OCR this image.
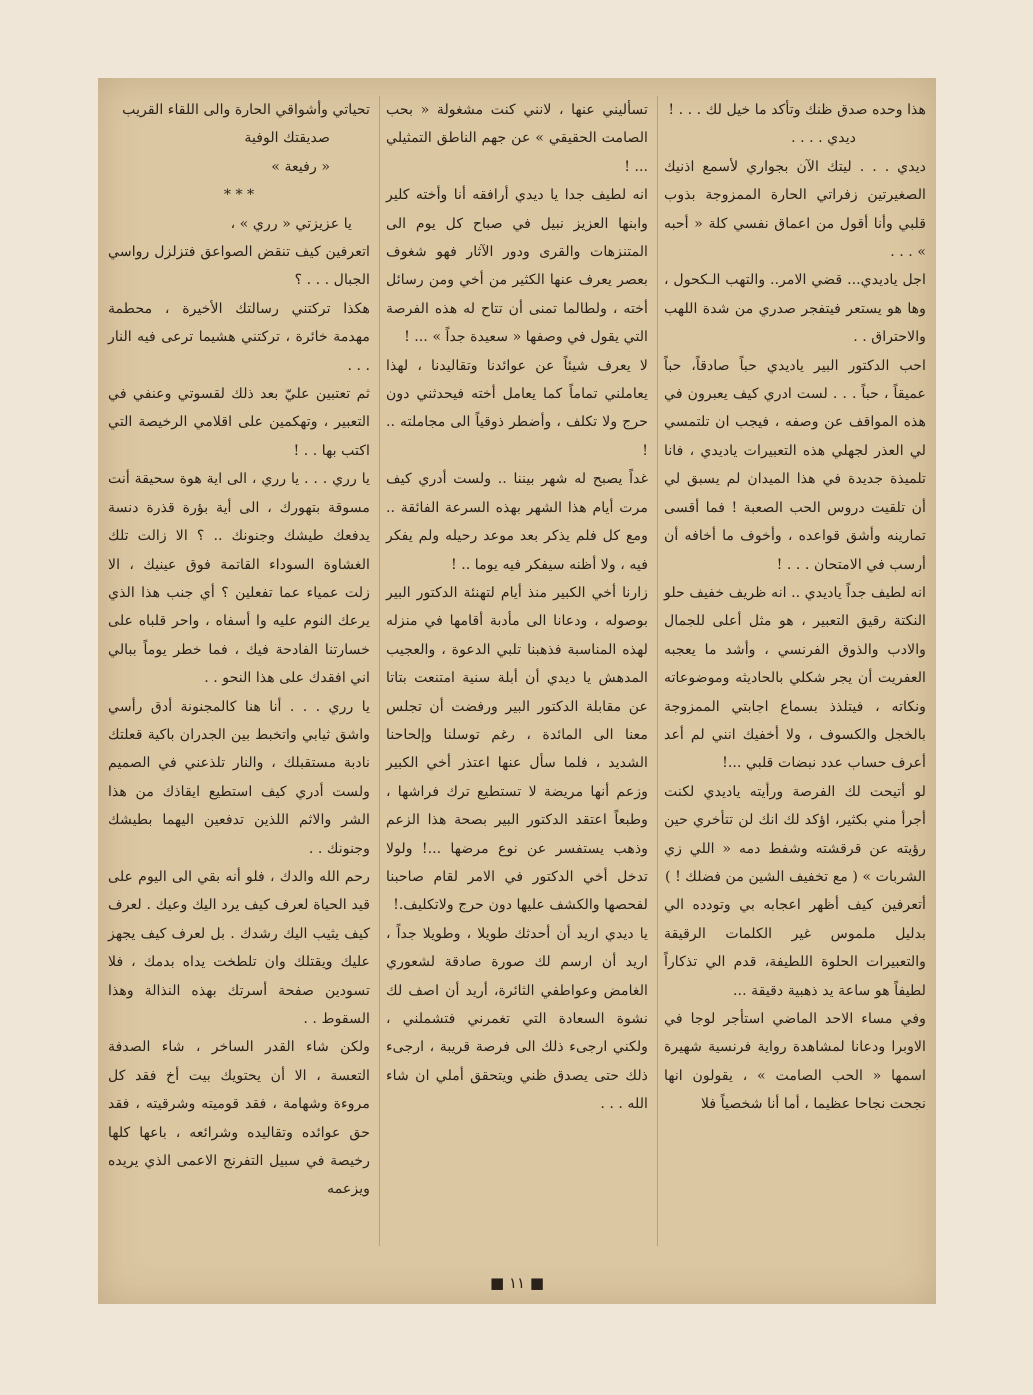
هذا وحده صدق ظنك وتأكد ما خيل لك . . . !

ديدي . . . .

ديدي . . . ليتك الآن بجواري لأسمع اذنيك الصغيرتين زفراتي الحارة الممزوجة بذوب قلبي وأنا أقول من اعماق نفسي كلة « أحبه » . . .

اجل ياديدي... قضي الامر.. والتهب الـكحول ، وها هو يستعر فيتفجر صدري من شدة اللهب والاحتراق . .

احب الدكتور البير ياديدي حباً صادقاً، حباً عميقاً ، حباً . . . لست ادري كيف يعبرون في هذه المواقف عن وصفه ، فيجب ان تلتمسي لي العذر لجهلي هذه التعبيرات ياديدي ، فانا تلميذة جديدة في هذا الميدان لم يسبق لي أن تلقيت دروس الحب الصعبة ! فما أقسى تمارينه وأشق قواعده ، وأخوف ما أخافه أن أرسب في الامتحان . . . !

انه لطيف جداً ياديدي .. انه ظريف خفيف حلو النكتة رقيق التعبير ، هو مثل أعلى للجمال والادب والذوق الفرنسي ، وأشد ما يعجبه العفريت أن يجر شكلي بالحاديثه وموضوعاته ونكاته ، فيتلذذ بسماع اجابتي الممزوجة بالخجل والكسوف ، ولا أخفيك انني لم أعد أعرف حساب عدد نبضات قلبي ...!

لو أتيحت لك الفرصة ورأيته ياديدي لكنت أجرأ مني بكثير، اؤكد لك انك لن تتأخري حين رؤيته عن قرقشته وشفط دمه « اللي زي الشربات » ( مع تخفيف الشين من فضلك ! )

أتعرفين كيف أظهر اعجابه بي وتودده الي بدليل ملموس غير الكلمات الرقيقة والتعبيرات الحلوة اللطيفة، قدم الي تذكاراً لطيفاً هو ساعة يد ذهبية دقيقة ...

وفي مساء الاحد الماضي استأجر لوجا في الاوبرا ودعانا لمشاهدة رواية فرنسية شهيرة اسمها « الحب الصامت » ، يقولون انها نجحت نجاحا عظيما ، أما أنا شخصياً فلا

تسأليني عنها ، لانني كنت مشغولة « بحب الصامت الحقيقي » عن جهم الناطق التمثيلي ... !

انه لطيف جدا يا ديدي أرافقه أنا وأخته كلير وابنها العزيز نبيل في صباح كل يوم الى المتنزهات والقرى ودور الآثار فهو شغوف بعصر يعرف عنها الكثير من أخي ومن رسائل أخته ، ولطالما تمنى أن تتاح له هذه الفرصة التي يقول في وصفها « سعيدة جداً » ... !

لا يعرف شيئاً عن عوائدنا وتقاليدنا ، لهذا يعاملني تماماً كما يعامل أخته فيحدثني دون حرج ولا تكلف ، وأضطر ذوقياً الى مجاملته .. !

غداً يصبح له شهر بيننا .. ولست أدري كيف مرت أيام هذا الشهر بهذه السرعة الفائقة .. ومع كل فلم يذكر بعد موعد رحيله ولم يفكر فيه ، ولا أظنه سيفكر فيه يوما .. !

زارنا أخي الكبير منذ أيام لتهنئة الدكتور البير بوصوله ، ودعانا الى مأدبة أقامها في منزله لهذه المناسبة فذهبنا تلبي الدعوة ، والعجيب المدهش يا ديدي أن أبلة سنية امتنعت بتاتا عن مقابلة الدكتور البير ورفضت أن تجلس معنا الى المائدة ، رغم توسلنا وإلحاحنا الشديد ، فلما سأل عنها اعتذر أخي الكبير وزعم أنها مريضة لا تستطيع ترك فراشها ، وطبعاً اعتقد الدكتور البير بصحة هذا الزعم وذهب يستفسر عن نوع مرضها ...! ولولا تدخل أخي الدكتور في الامر لقام صاحبنا لفحصها والكشف عليها دون حرج ولاتكليف.!

يا ديدي اريد أن أحدثك طويلا ، وطويلا جداً ، اريد أن ارسم لك صورة صادقة لشعوري الغامض وعواطفي الثائرة، أريد أن اصف لك نشوة السعادة التي تغمرني فتشملني ، ولكني ارجىء ذلك الى فرصة قريبة ، ارجىء ذلك حتى يصدق ظني ويتحقق أملي ان شاء الله . . .

تحياتي وأشواقي الحارة والى اللقاء القريب

صديقتك الوفية

« رفيعة »

* * *

يا عزيزتي « رري » ،

اتعرفين كيف تنقض الصواعق فتزلزل رواسي الجبال . . . ؟

هكذا تركتني رسالتك الأخيرة ، محطمة مهدمة خائرة ، تركتني هشيما ترعى فيه النار . . .

ثم تعتبين عليّ بعد ذلك لقسوتي وعنفي في التعبير ، وتهكمين على اقلامي الرخيصة التي اكتب بها . . !

يا رري . . . يا رري ، الى اية هوة سحيقة أنت مسوقة بتهورك ، الى أية بؤرة قذرة دنسة يدفعك طيشك وجنونك .. ؟ الا زالت تلك الغشاوة السوداء القاتمة فوق عينيك ، الا زلت عمياء عما تفعلين ؟ أي جنب هذا الذي يرعك النوم عليه وا أسفاه ، واحر قلباه على خسارتنا الفادحة فيك ، فما خطر يوماً ببالي اني افقدك على هذا النحو . .

يا رري . . . أنا هنا كالمجنونة أدق رأسي واشق ثيابي واتخبط بين الجدران باكية قعلتك نادبة مستقبلك ، والنار تلذعني في الصميم ولست أدري كيف استطيع ايقاذك من هذا الشر والاثم اللذين تدفعين اليهما بطيشك وجنونك . .

رحم الله والدك ، فلو أنه بقي الى اليوم على قيد الحياة لعرف كيف يرد اليك وعيك . لعرف كيف يثيب اليك رشدك . بل لعرف كيف يجهز عليك ويقتلك وان تلطخت يداه بدمك ، فلا تسودين صفحة أسرتك بهذه النذالة وهذا السقوط . .

ولكن شاء القدر الساخر ، شاء الصدفة التعسة ، الا أن يحتويك بيت أخ فقد كل مروءة وشهامة ، فقد قوميته وشرقيته ، فقد حق عوائده وتقاليده وشرائعه ، باعها كلها رخيصة في سبيل التفرنج الاعمى الذي يريده ويزعمه

■ ١١ ■
